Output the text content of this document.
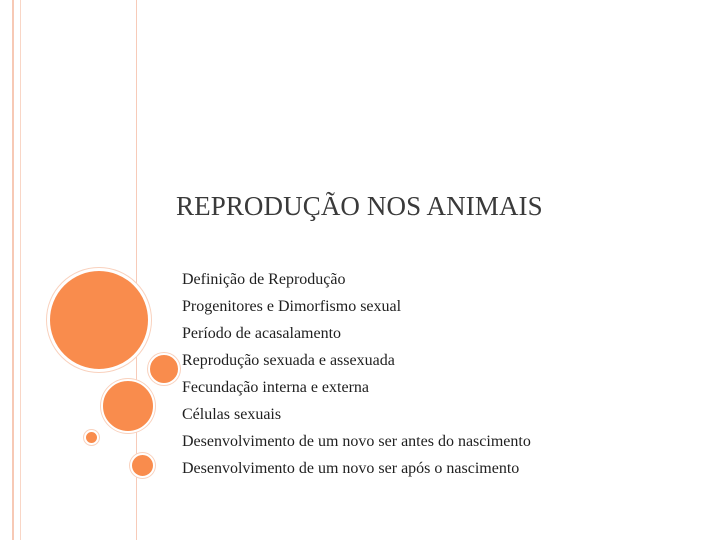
REPRODUÇÃO NOS ANIMAIS
Definição de Reprodução
Progenitores e Dimorfismo sexual
Período de acasalamento
Reprodução sexuada e assexuada
Fecundação interna e externa
Células sexuais
Desenvolvimento de um novo ser antes do nascimento
Desenvolvimento de um novo ser após o nascimento
